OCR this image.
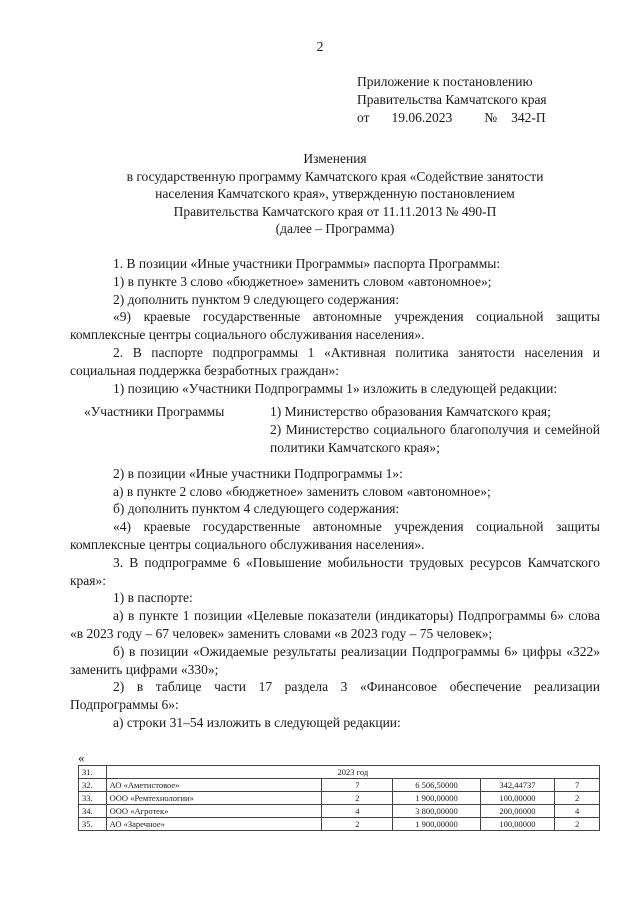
2
Приложение к постановлению
Правительства Камчатского края
от 19.06.2023 № 342-П
Изменения
в государственную программу Камчатского края «Содействие занятости
населения Камчатского края», утвержденную постановлением
Правительства Камчатского края от 11.11.2013 № 490-П
(далее – Программа)

1. В позиции «Иные участники Программы» паспорта Программы:

1) в пункте 3 слово «бюджетное» заменить словом «автономное»;

2) дополнить пунктом 9 следующего содержания:

«9) краевые государственные автономные учреждения социальной защиты комплексные центры социального обслуживания населения».

2. В паспорте подпрограммы 1 «Активная политика занятости населения и социальная поддержка безработных граждан»:

1) позицию «Участники Подпрограммы 1» изложить в следующей редакции:

«Участники Программы	1) Министерство образования Камчатского края;
2) Министерство социального благополучия и семейной политики Камчатского края»;

2) в позиции «Иные участники Подпрограммы 1»:

а) в пункте 2 слово «бюджетное» заменить словом «автономное»;

б) дополнить пунктом 4 следующего содержания:

«4) краевые государственные автономные учреждения социальной защиты комплексные центры социального обслуживания населения».

3. В подпрограмме 6 «Повышение мобильности трудовых ресурсов Камчатского края»:

1) в паспорте:

а) в пункте 1 позиции «Целевые показатели (индикаторы) Подпрограммы 6» слова «в 2023 году – 67 человек» заменить словами «в 2023 году – 75 человек»;

б) в позиции «Ожидаемые результаты реализации Подпрограммы 6» цифры «322» заменить цифрами «330»;

2) в таблице части 17 раздела 3 «Финансовое обеспечение реализации Подпрограммы 6»:

а) строки 31–54 изложить в следующей редакции:

«
31.	2023 год				
32.	АО «Аметистовое»	7	6 506,50000	342,44737	7
33.	ООО «Ремтехнологии»	2	1 900,00000	100,00000	2
34.	ООО «Агротек»	4	3 800,00000	200,00000	4
35.	АО «Заречное»	2	1 900,00000	100,00000	2
